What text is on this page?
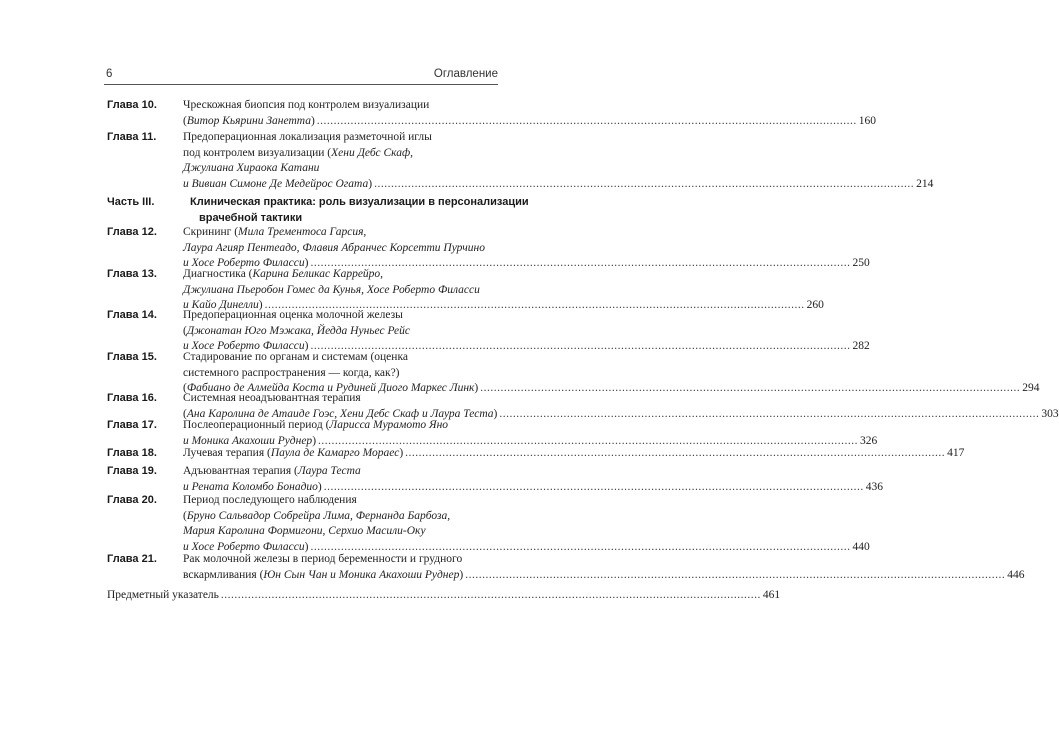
6	Оглавление
Глава 10. Чрескожная биопсия под контролем визуализации
(Витор Кьярини Занетта) .....	160
Глава 11. Предоперационная локализация разметочной иглы
под контролем визуализации (Хени Дебс Скаф,
Джулиана Хираока Катани
и Вивиан Симоне Де Медейрос Огата) .....	214
Часть III.	Клиническая практика: роль визуализации в персонализации
врачебной тактики
Глава 12. Скрининг (Мила Трементоса Гарсия,
Лаура Агияр Пентеадо, Флавия Абранчес Корсетти Пурчино
и Хосе Роберто Филасси) .....	250
Глава 13. Диагностика (Карина Беликас Каррейро,
Джулиана Пьеробон Гомес да Кунья, Хосе Роберто Филасси
и Кайо Динелли) .....	260
Глава 14. Предоперационная оценка молочной железы
(Джонатан Юго Мэжака, Йедда Нуньес Рейс
и Хосе Роберто Филасси) .....	282
Глава 15. Стадирование по органам и системам (оценка
системного распространения — когда, как?)
(Фабиано де Алмейда Коста и Рудиней Диого Маркес Линк) .....	294
Глава 16. Системная неоадъювантная терапия
(Ана Каролина де Атаиде Гоэс, Хени Дебс Скаф и Лаура Теста) .....	303
Глава 17. Послеоперационный период (Ларисса Мурамото Яно
и Моника Акахоши Руднер) .....	326
Глава 18. Лучевая терапия (Паула де Камарго Мораес) .....	417
Глава 19. Адъювантная терапия (Лаура Теста
и Рената Коломбо Бонадио) .....	436
Глава 20. Период последующего наблюдения
(Бруно Сальвадор Собрейра Лима, Фернанда Барбоза,
Мария Каролина Формигони, Серхио Масили-Оку
и Хосе Роберто Филасси) .....	440
Глава 21. Рак молочной железы в период беременности и грудного
вскармливания (Юн Сын Чан и Моника Акахоши Руднер) .....	446
Предметный указатель .....	461
